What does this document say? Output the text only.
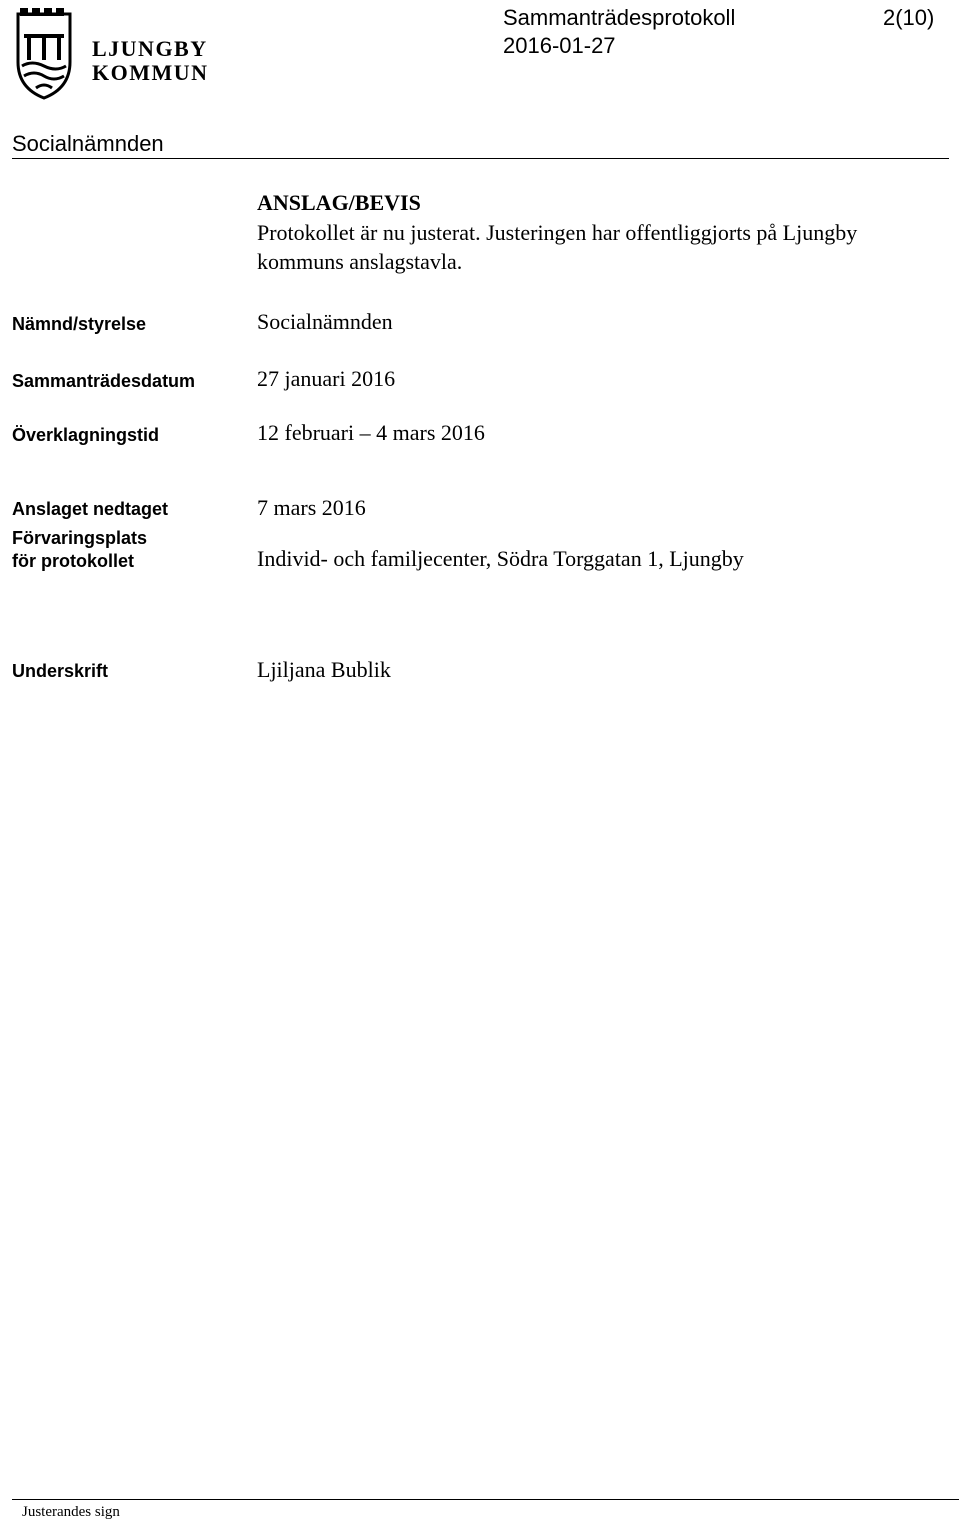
LJUNGBY
KOMMUN
Sammanträdesprotokoll	2(10)
2016-01-27
Socialnämnden
ANSLAG/BEVIS
Protokollet är nu justerat. Justeringen har offentliggjorts på Ljungby kommuns anslagstavla.
Nämnd/styrelse	Socialnämnden
Sammanträdesdatum	27 januari 2016
Överklagningstid	12 februari – 4 mars 2016
Anslaget nedtaget	7 mars 2016
Förvaringsplats
för protokollet	Individ- och familjecenter, Södra Torggatan 1, Ljungby
Underskrift	Ljiljana Bublik
Justerandes sign
